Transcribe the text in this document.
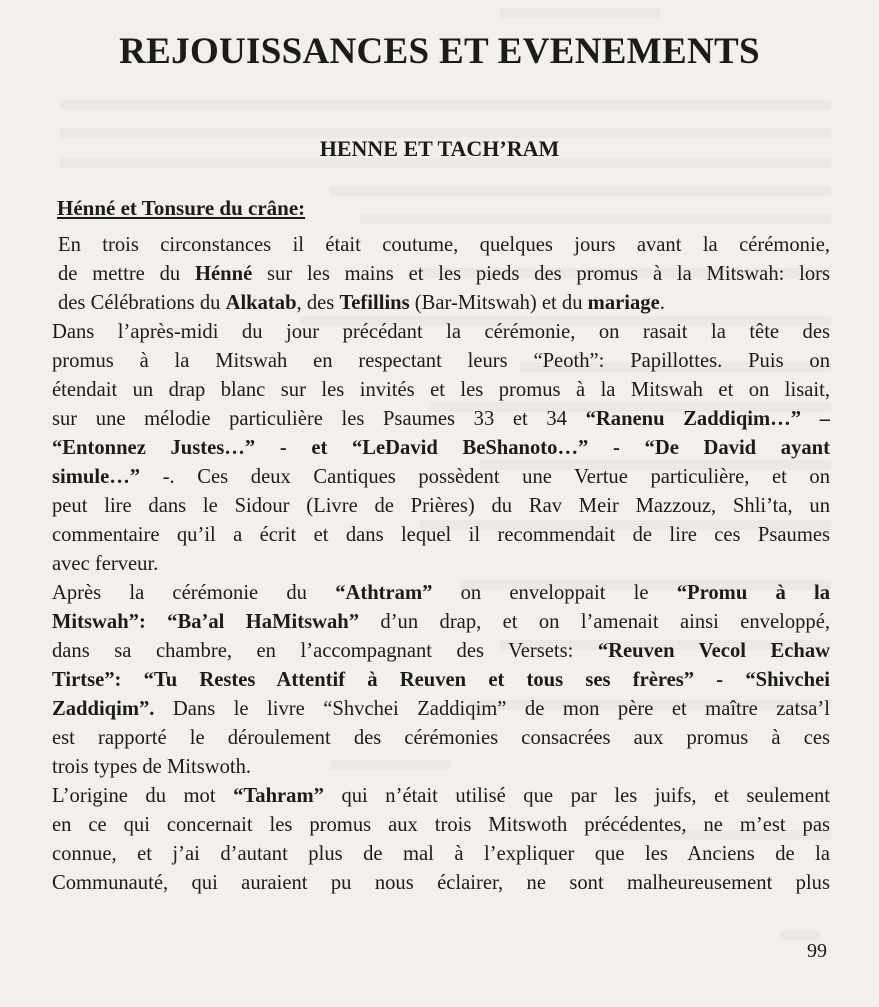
REJOUISSANCES ET EVENEMENTS
HENNE ET TACH’RAM
Hénné et Tonsure du crâne:
En trois circonstances il était coutume, quelques jours avant la cérémonie,
de mettre du Hénné sur les mains et les pieds des promus à la Mitswah: lors
des Célébrations du Alkatab, des Tefillins (Bar-Mitswah) et du mariage.
Dans l’après-midi du jour précédant la cérémonie, on rasait la tête des
promus à la Mitswah en respectant leurs “Peoth”: Papillottes. Puis on
étendait un drap blanc sur les invités et les promus à la Mitswah et on lisait,
sur une mélodie particulière les Psaumes 33 et 34 “Ranenu Zaddiqim…” –
“Entonnez Justes…” - et “LeDavid BeShanoto…” - “De David ayant
simule…” -. Ces deux Cantiques possèdent une Vertue particulière, et on
peut lire dans le Sidour (Livre de Prières) du Rav Meir Mazzouz, Shli’ta, un
commentaire qu’il a écrit et dans lequel il recommendait de lire ces Psaumes
avec ferveur.
Après la cérémonie du “Athtram” on enveloppait le “Promu à la
Mitswah”: “Ba’al HaMitswah” d’un drap, et on l’amenait ainsi enveloppé,
dans sa chambre, en l’accompagnant des Versets: “Reuven Vecol Echaw
Tirtse”: “Tu Restes Attentif à Reuven et tous ses frères” - “Shivchei
Zaddiqim”. Dans le livre “Shvchei Zaddiqim” de mon père et maître zatsa’l
est rapporté le déroulement des cérémonies consacrées aux promus à ces
trois types de Mitswoth.
L’origine du mot “Tahram” qui n’était utilisé que par les juifs, et seulement
en ce qui concernait les promus aux trois Mitswoth précédentes, ne m’est pas
connue, et j’ai d’autant plus de mal à l’expliquer que les Anciens de la
Communauté, qui auraient pu nous éclairer, ne sont malheureusement plus
99
